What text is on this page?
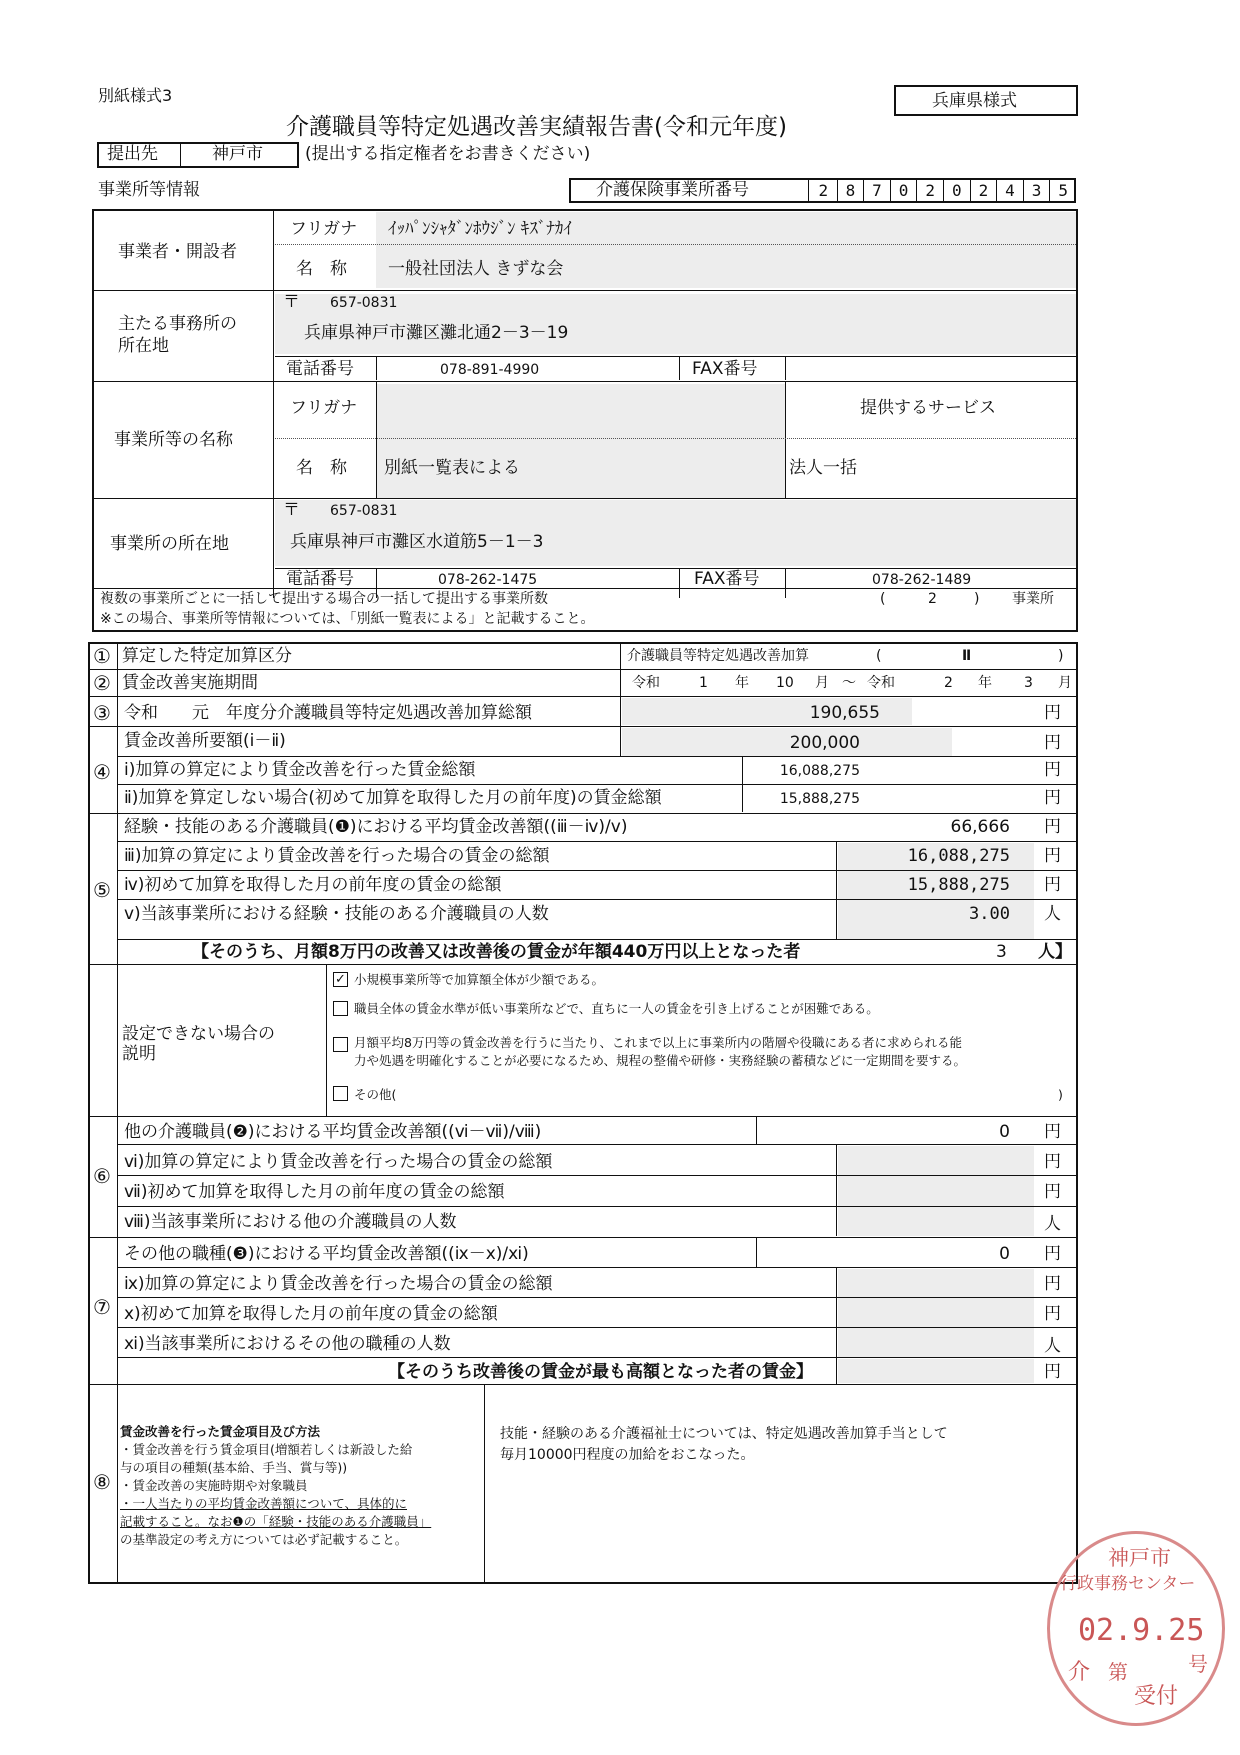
別紙様式3	兵庫県様式
介護職員等特定処遇改善実績報告書(令和元年度)
提出先	神戸市 (提出する指定権者をお書きください)
事業所等情報	介護保険事業所番号	2	8	7	0	2	0	2	4	3	5
事業者・開設者
フリガナ ｲｯﾊﾟﾝｼｬﾀﾞﾝﾎｳｼﾞﾝ ｷｽﾞﾅｶｲ
名　称 一般社団法人 きずな会
主たる事務所の
所在地
〒 657-0831
兵庫県神戸市灘区灘北通2－3－19
電話番号	078-891-4990	FAX番号
事業所等の名称
フリガナ	提供するサービス
名　称 別紙一覧表による	法人一括
事業所の所在地
〒 657-0831
兵庫県神戸市灘区水道筋5－1－3
電話番号	078-262-1475	FAX番号	078-262-1489
複数の事業所ごとに一括して提出する場合の一括して提出する事業所数
※この場合、事業所等情報については、「別紙一覧表による」と記載すること。
(	2	) 事業所
① 算定した特定加算区分	介護職員等特定処遇改善加算	(	Ⅱ	)
② 賃金改善実施期間	令和	1 年 10 月 ～ 令和	2 年 3 月
③ 令和　　元　年度分介護職員等特定処遇改善加算総額	190,655	円
④
賃金改善所要額(ⅰ－ⅱ)	200,000	円
ⅰ)加算の算定により賃金改善を行った賃金総額	16,088,275	円
ⅱ)加算を算定しない場合(初めて加算を取得した月の前年度)の賃金総額	15,888,275	円
⑤
経験・技能のある介護職員(❶)における平均賃金改善額((ⅲ－ⅳ)/ⅴ)	66,666 円
ⅲ)加算の算定により賃金改善を行った場合の賃金の総額	16,088,275 円
ⅳ)初めて加算を取得した月の前年度の賃金の総額	15,888,275 円
ⅴ)当該事業所における経験・技能のある介護職員の人数	3.00 人
【そのうち、月額8万円の改善又は改善後の賃金が年額440万円以上となった者	3 人】
設定できない場合の
説明
✓ 小規模事業所等で加算額全体が少額である。
職員全体の賃金水準が低い事業所などで、直ちに一人の賃金を引き上げることが困難である。
月額平均8万円等の賃金改善を行うに当たり、これまで以上に事業所内の階層や役職にある者に求められる能
力や処遇を明確化することが必要になるため、規程の整備や研修・実務経験の蓄積などに一定期間を要する。
その他(	)
⑥
他の介護職員(❷)における平均賃金改善額((ⅵ－ⅶ)/ⅷ)	0 円
ⅵ)加算の算定により賃金改善を行った場合の賃金の総額	円
ⅶ)初めて加算を取得した月の前年度の賃金の総額	円
ⅷ)当該事業所における他の介護職員の人数	人
⑦
その他の職種(❸)における平均賃金改善額((ⅸ－ⅹ)/ⅺ)	0 円
ⅸ)加算の算定により賃金改善を行った場合の賃金の総額	円
ⅹ)初めて加算を取得した月の前年度の賃金の総額	円
ⅺ)当該事業所におけるその他の職種の人数	人
【そのうち改善後の賃金が最も高額となった者の賃金】	円
⑧
賃金改善を行った賃金項目及び方法
・賃金改善を行う賃金項目(増額若しくは新設した給
与の項目の種類(基本給、手当、賞与等))
・賃金改善の実施時期や対象職員
・一人当たりの平均賃金改善額について、具体的に
記載すること。なお❶の「経験・技能のある介護職員」
の基準設定の考え方については必ず記載すること。
技能・経験のある介護福祉士については、特定処遇改善加算手当として
毎月10000円程度の加給をおこなった。
神戸市
行政事務センター
02.9.25
介 第	号
受付
